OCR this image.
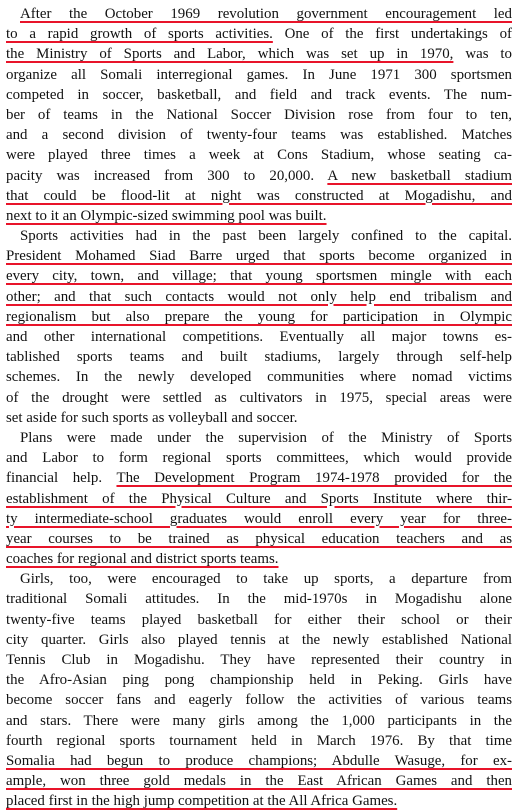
After the October 1969 revolution government encouragement led
to a rapid growth of sports activities. One of the first undertakings of
the Ministry of Sports and Labor, which was set up in 1970, was to
organize all Somali interregional games. In June 1971 300 sportsmen
competed in soccer, basketball, and field and track events. The num-
ber of teams in the National Soccer Division rose from four to ten,
and a second division of twenty-four teams was established. Matches
were played three times a week at Cons Stadium, whose seating ca-
pacity was increased from 300 to 20,000. A new basketball stadium
that could be flood-lit at night was constructed at Mogadishu, and
next to it an Olympic-sized swimming pool was built.
Sports activities had in the past been largely confined to the capital.
President Mohamed Siad Barre urged that sports become organized in
every city, town, and village; that young sportsmen mingle with each
other; and that such contacts would not only help end tribalism and
regionalism but also prepare the young for participation in Olympic
and other international competitions. Eventually all major towns es-
tablished sports teams and built stadiums, largely through self-help
schemes. In the newly developed communities where nomad victims
of the drought were settled as cultivators in 1975, special areas were
set aside for such sports as volleyball and soccer.
Plans were made under the supervision of the Ministry of Sports
and Labor to form regional sports committees, which would provide
financial help. The Development Program 1974-1978 provided for the
establishment of the Physical Culture and Sports Institute where thir-
ty intermediate-school graduates would enroll every year for three-
year courses to be trained as physical education teachers and as
coaches for regional and district sports teams.
Girls, too, were encouraged to take up sports, a departure from
traditional Somali attitudes. In the mid-1970s in Mogadishu alone
twenty-five teams played basketball for either their school or their
city quarter. Girls also played tennis at the newly established National
Tennis Club in Mogadishu. They have represented their country in
the Afro-Asian ping pong championship held in Peking. Girls have
become soccer fans and eagerly follow the activities of various teams
and stars. There were many girls among the 1,000 participants in the
fourth regional sports tournament held in March 1976. By that time
Somalia had begun to produce champions; Abdulle Wasuge, for ex-
ample, won three gold medals in the East African Games and then
placed first in the high jump competition at the All Africa Games.
